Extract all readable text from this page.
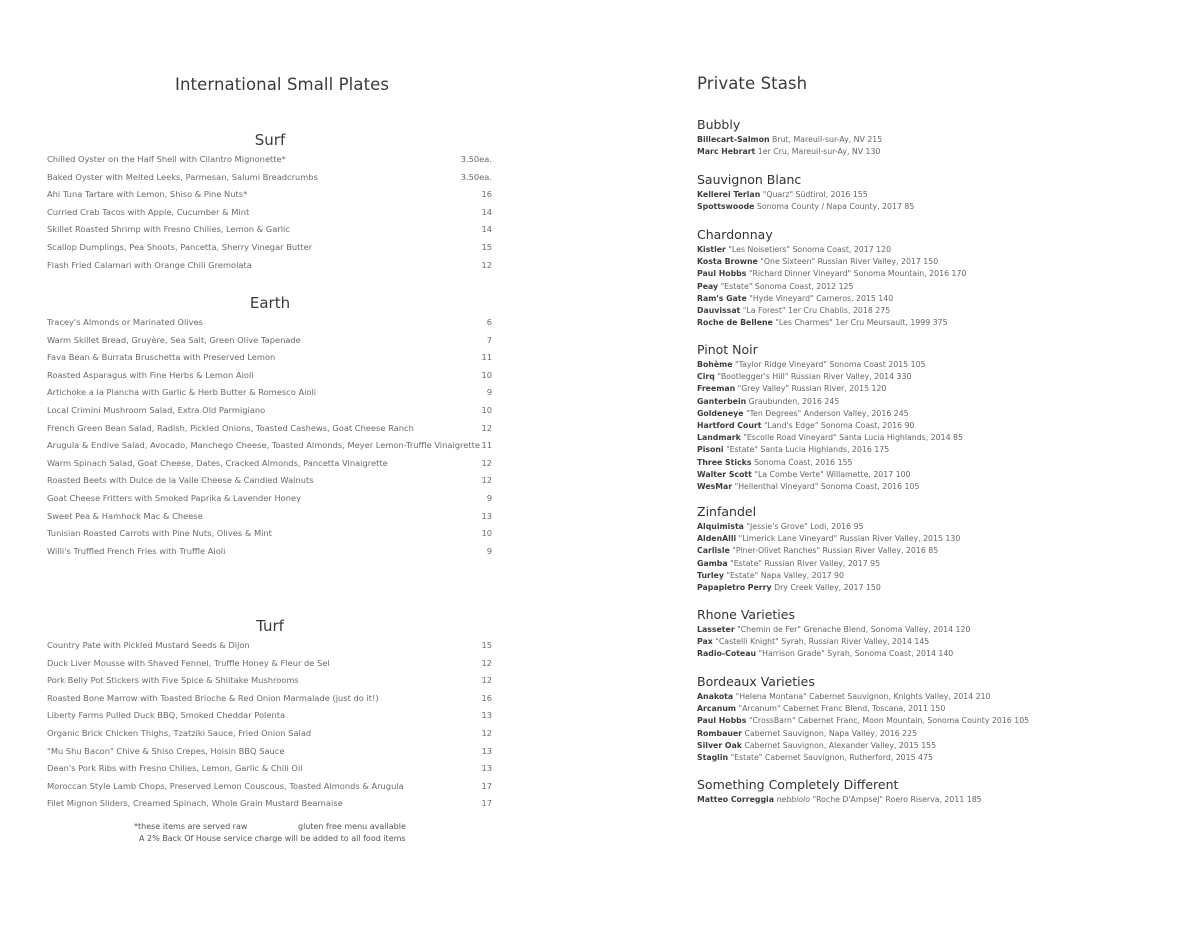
International Small Plates	Private Stash
Surf
Chilled Oyster on the Half Shell with Cilantro Mignonette*	3.50ea.
Baked Oyster with Melted Leeks, Parmesan, Salumi Breadcrumbs	3.50ea.
Ahi Tuna Tartare with Lemon, Shiso & Pine Nuts*	16
Curried Crab Tacos with Apple, Cucumber & Mint	14
Skillet Roasted Shrimp with Fresno Chilies, Lemon & Garlic	14
Scallop Dumplings, Pea Shoots, Pancetta, Sherry Vinegar Butter	15
Flash Fried Calamari with Orange Chili Gremolata	12
Earth
Tracey's Almonds or Marinated Olives	6
Warm Skillet Bread, Gruyère, Sea Salt, Green Olive Tapenade	7
Fava Bean & Burrata Bruschetta with Preserved Lemon	11
Roasted Asparagus with Fine Herbs & Lemon Aioli	10
Artichoke a la Plancha with Garlic & Herb Butter & Romesco Aioli	9
Local Crimini Mushroom Salad, Extra Old Parmigiano	10
French Green Bean Salad, Radish, Pickled Onions, Toasted Cashews, Goat Cheese Ranch	12
Arugula & Endive Salad, Avocado, Manchego Cheese, Toasted Almonds, Meyer Lemon-Truffle Vinaigrette 11
Warm Spinach Salad, Goat Cheese, Dates, Cracked Almonds, Pancetta Vinaigrette	12
Roasted Beets with Dulce de la Valle Cheese & Candied Walnuts	12
Goat Cheese Fritters with Smoked Paprika & Lavender Honey	9
Sweet Pea & Hamhock Mac & Cheese	13
Tunisian Roasted Carrots with Pine Nuts, Olives & Mint	10
Willi's Truffled French Fries with Truffle Aioli	9
Turf
Country Pate with Pickled Mustard Seeds & Dijon	15
Duck Liver Mousse with Shaved Fennel, Truffle Honey & Fleur de Sel	12
Pork Belly Pot Stickers with Five Spice & Shiitake Mushrooms	12
Roasted Bone Marrow with Toasted Brioche & Red Onion Marmalade (just do it!)	16
Liberty Farms Pulled Duck BBQ, Smoked Cheddar Polenta	13
Organic Brick Chicken Thighs, Tzatziki Sauce, Fried Onion Salad	12
"Mu Shu Bacon" Chive & Shiso Crepes, Hoisin BBQ Sauce	13
Dean's Pork Ribs with Fresno Chilies, Lemon, Garlic & Chili Oil	13
Moroccan Style Lamb Chops, Preserved Lemon Couscous, Toasted Almonds & Arugula	17
Filet Mignon Sliders, Creamed Spinach, Whole Grain Mustard Bearnaise	17
*these items are served raw	gluten free menu available
A 2% Back Of House service charge will be added to all food items
Bubbly
Billecart-Salmon Brut, Mareuil-sur-Ay, NV 215
Marc Hebrart 1er Cru, Mareuil-sur-Ay, NV 130
Sauvignon Blanc
Kellerei Terlan "Quarz" Südtirol, 2016 155
Spottswoode Sonoma County / Napa County, 2017 85
Chardonnay
Kistler "Les Noisetiers" Sonoma Coast, 2017 120
Kosta Browne "One Sixteen" Russian River Valley, 2017 150
Paul Hobbs "Richard Dinner Vineyard" Sonoma Mountain, 2016 170
Peay "Estate" Sonoma Coast, 2012 125
Ram's Gate "Hyde Vineyard" Carneros, 2015 140
Dauvissat "La Forest" 1er Cru Chablis, 2018 275
Roche de Bellene "Les Charmes" 1er Cru Meursault, 1999 375
Pinot Noir
Bohème "Taylor Ridge Vineyard" Sonoma Coast 2015 105
Cirq "Bootlegger's Hill" Russian River Valley, 2014 330
Freeman "Grey Valley" Russian River, 2015 120
Ganterbein Graubunden, 2016 245
Goldeneye "Ten Degrees" Anderson Valley, 2016 245
Hartford Court "Land's Edge" Sonoma Coast, 2016 90
Landmark "Escolle Road Vineyard" Santa Lucia Highlands, 2014 85
Pisoni "Estate" Santa Lucia Highlands, 2016 175
Three Sticks Sonoma Coast, 2016 155
Walter Scott "La Combe Verte" Willamette, 2017 100
WesMar "Hellenthal Vineyard" Sonoma Coast, 2016 105
Zinfandel
Alquimista "Jessie's Grove" Lodi, 2016 95
AldenAlli "Limerick Lane Vineyard" Russian River Valley, 2015 130
Carlisle "Piner-Olivet Ranches" Russian River Valley, 2016 85
Gamba "Estate" Russian River Valley, 2017 95
Turley "Estate" Napa Valley, 2017 90
Papapietro Perry Dry Creek Valley, 2017 150
Rhone Varieties
Lasseter "Chemin de Fer" Grenache Blend, Sonoma Valley, 2014 120
Pax "Castelli Knight" Syrah, Russian River Valley, 2014 145
Radio-Coteau "Harrison Grade" Syrah, Sonoma Coast, 2014 140
Bordeaux Varieties
Anakota "Helena Montana" Cabernet Sauvignon, Knights Valley, 2014 210
Arcanum "Arcanum" Cabernet Franc Blend, Toscana, 2011 150
Paul Hobbs "CrossBarn" Cabernet Franc, Moon Mountain, Sonoma County 2016 105
Rombauer Cabernet Sauvignon, Napa Valley, 2016 225
Silver Oak Cabernet Sauvignon, Alexander Valley, 2015 155
Staglin "Estate" Cabernet Sauvignon, Rutherford, 2015 475
Something Completely Different
Matteo Correggia nebbiolo "Roche D'Ampsej" Roero Riserva, 2011 185
